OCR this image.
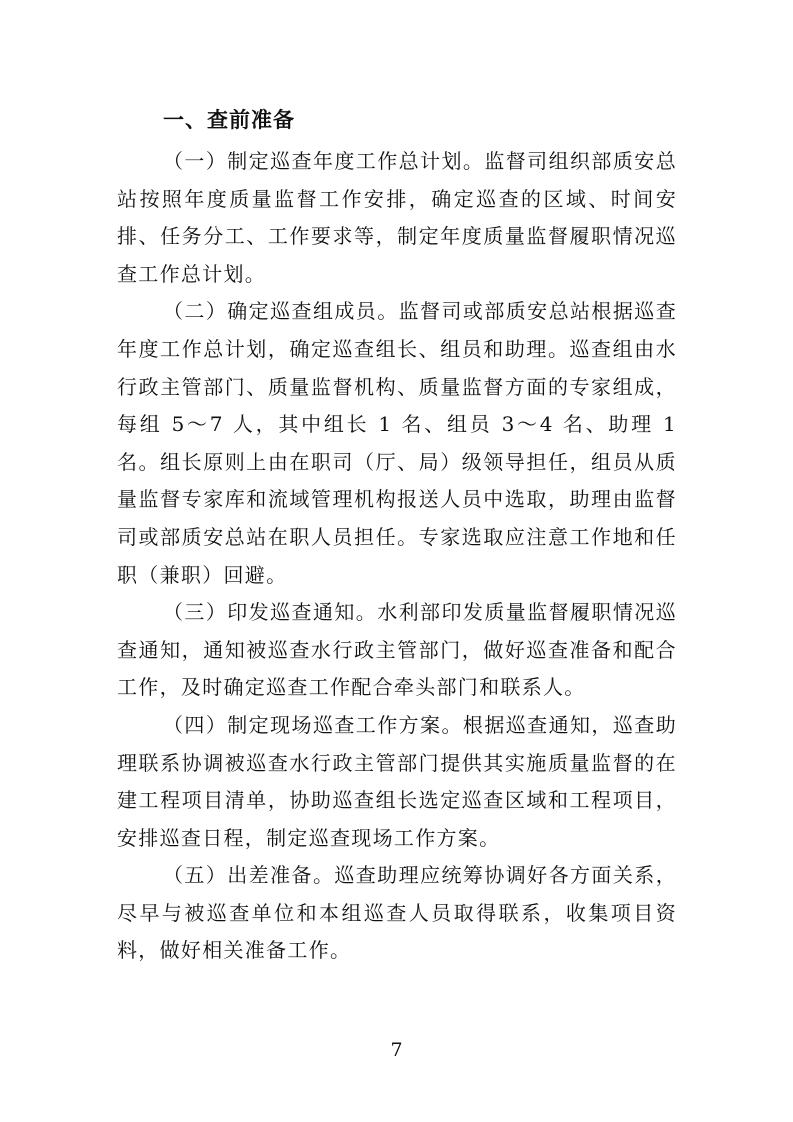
一、查前准备

（一）制定巡查年度工作总计划。监督司组织部质安总站按照年度质量监督工作安排，确定巡查的区域、时间安排、任务分工、工作要求等，制定年度质量监督履职情况巡查工作总计划。

（二）确定巡查组成员。监督司或部质安总站根据巡查年度工作总计划，确定巡查组长、组员和助理。巡查组由水行政主管部门、质量监督机构、质量监督方面的专家组成，每组 5～7 人，其中组长 1 名、组员 3～4 名、助理 1 名。组长原则上由在职司（厅、局）级领导担任，组员从质量监督专家库和流域管理机构报送人员中选取，助理由监督司或部质安总站在职人员担任。专家选取应注意工作地和任职（兼职）回避。

（三）印发巡查通知。水利部印发质量监督履职情况巡查通知，通知被巡查水行政主管部门，做好巡查准备和配合工作，及时确定巡查工作配合牵头部门和联系人。

（四）制定现场巡查工作方案。根据巡查通知，巡查助理联系协调被巡查水行政主管部门提供其实施质量监督的在建工程项目清单，协助巡查组长选定巡查区域和工程项目，安排巡查日程，制定巡查现场工作方案。

（五）出差准备。巡查助理应统筹协调好各方面关系，尽早与被巡查单位和本组巡查人员取得联系，收集项目资料，做好相关准备工作。

7
